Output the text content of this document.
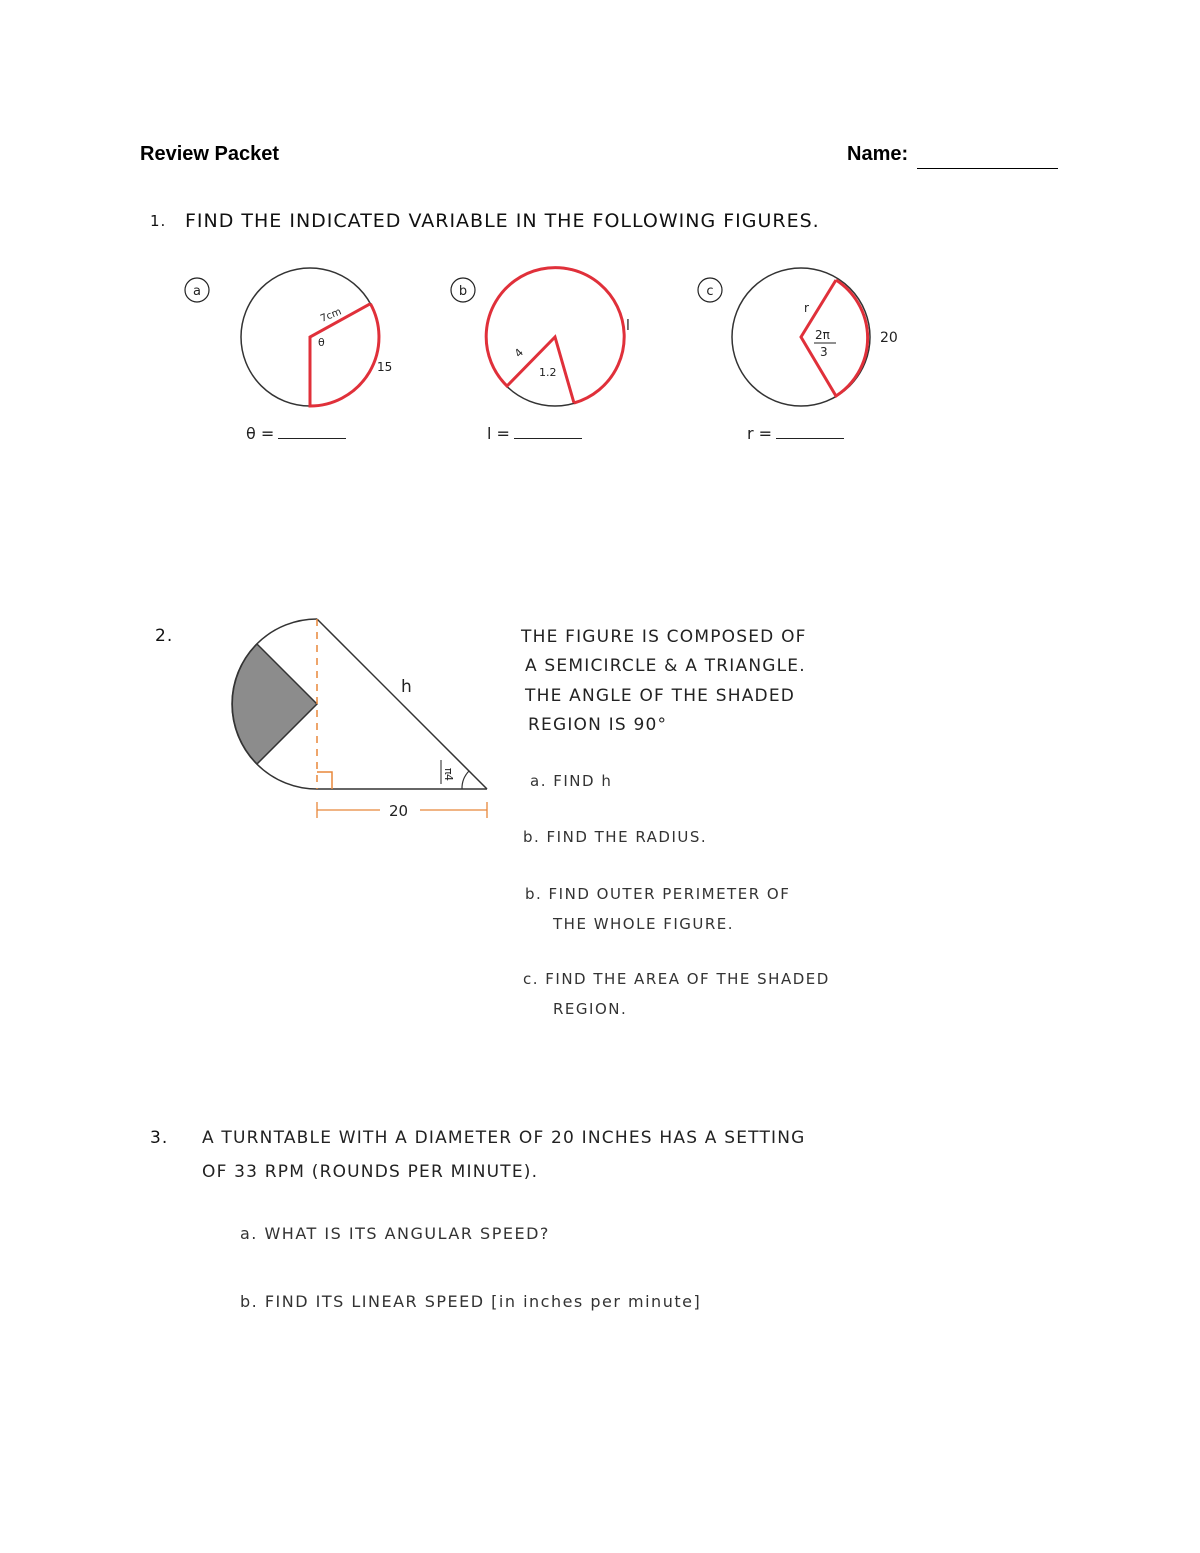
Review Packet	Name:
1. FIND THE INDICATED VARIABLE IN THE FOLLOWING FIGURES.
a
7cm
θ
15
b
4
1.2
l
c
r
2π
3
20
θ =	l =	r =
2.
π
4
h
20
THE FIGURE IS COMPOSED OF
A SEMICIRCLE & A TRIANGLE.
THE ANGLE OF THE SHADED
REGION IS 90°
a. FIND h
b. FIND THE RADIUS.
b. FIND OUTER PERIMETER OF
THE WHOLE FIGURE.
c. FIND THE AREA OF THE SHADED
REGION.
3. A TURNTABLE WITH A DIAMETER OF 20 INCHES HAS A SETTING
OF 33 RPM (ROUNDS PER MINUTE).
a. WHAT IS ITS ANGULAR SPEED?
b. FIND ITS LINEAR SPEED [in inches per minute]
